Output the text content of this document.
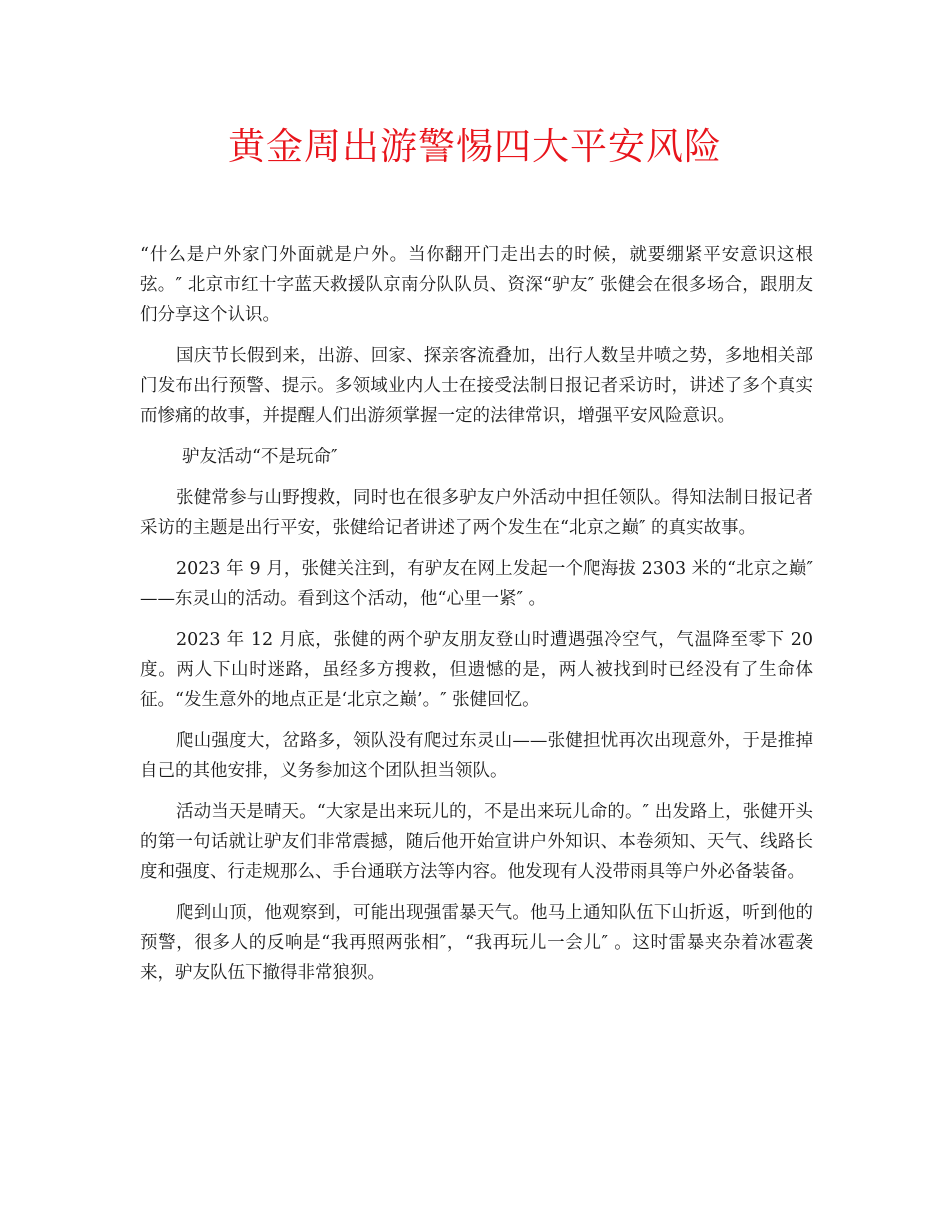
黄金周出游警惕四大平安风险

“什么是户外家门外面就是户外。当你翻开门走出去的时候，就要绷紧平安意识这根弦。″ 北京市红十字蓝天救援队京南分队队员、资深“驴友″ 张健会在很多场合，跟朋友们分享这个认识。

国庆节长假到来，出游、回家、探亲客流叠加，出行人数呈井喷之势，多地相关部门发布出行预警、提示。多领域业内人士在接受法制日报记者采访时，讲述了多个真实而惨痛的故事，并提醒人们出游须掌握一定的法律常识，增强平安风险意识。

驴友活动“不是玩命″

张健常参与山野搜救，同时也在很多驴友户外活动中担任领队。得知法制日报记者采访的主题是出行平安，张健给记者讲述了两个发生在“北京之巅″ 的真实故事。

2023 年 9 月，张健关注到，有驴友在网上发起一个爬海拔 2303 米的“北京之巅″——东灵山的活动。看到这个活动，他“心里一紧″ 。

2023 年 12 月底，张健的两个驴友朋友登山时遭遇强冷空气，气温降至零下 20度。两人下山时迷路，虽经多方搜救，但遗憾的是，两人被找到时已经没有了生命体征。“发生意外的地点正是‘北京之巅’。″ 张健回忆。

爬山强度大，岔路多，领队没有爬过东灵山——张健担忧再次出现意外，于是推掉自己的其他安排，义务参加这个团队担当领队。

活动当天是晴天。“大家是出来玩儿的，不是出来玩儿命的。″ 出发路上，张健开头的第一句话就让驴友们非常震撼，随后他开始宣讲户外知识、本卷须知、天气、线路长度和强度、行走规那么、手台通联方法等内容。他发现有人没带雨具等户外必备装备。

爬到山顶，他观察到，可能出现强雷暴天气。他马上通知队伍下山折返，听到他的预警，很多人的反响是“我再照两张相″，“我再玩儿一会儿″ 。这时雷暴夹杂着冰雹袭来，驴友队伍下撤得非常狼狈。
